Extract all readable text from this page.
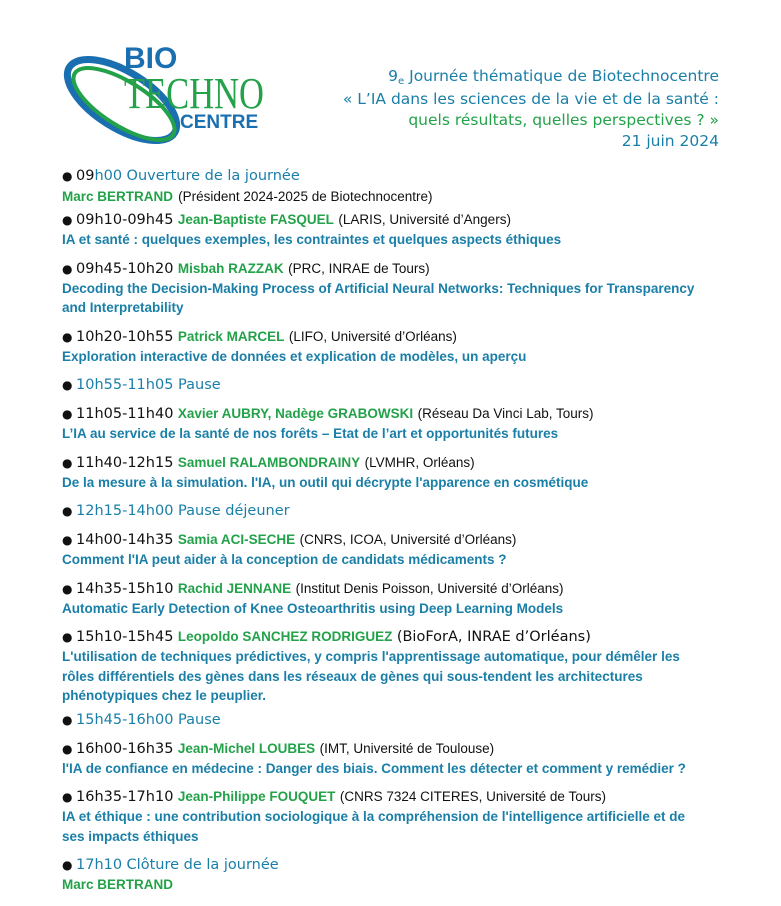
BIO
TECHNO
CENTRE
9e Journée thématique de Biotechnocentre
« L’IA dans les sciences de la vie et de la santé :
quels résultats, quelles perspectives ? »
21 juin 2024
● 09h00 Ouverture de la journée
Marc BERTRAND (Président 2024-2025 de Biotechnocentre)
● 09h10-09h45 Jean-Baptiste FASQUEL (LARIS, Université d’Angers)
IA et santé : quelques exemples, les contraintes et quelques aspects éthiques
● 09h45-10h20 Misbah RAZZAK (PRC, INRAE de Tours)
Decoding the Decision-Making Process of Artificial Neural Networks: Techniques for Transparency
and Interpretability
● 10h20-10h55 Patrick MARCEL (LIFO, Université d’Orléans)
Exploration interactive de données et explication de modèles, un aperçu
● 10h55-11h05 Pause
● 11h05-11h40 Xavier AUBRY, Nadège GRABOWSKI (Réseau Da Vinci Lab, Tours)
L’IA au service de la santé de nos forêts – Etat de l’art et opportunités futures
● 11h40-12h15 Samuel RALAMBONDRAINY (LVMHR, Orléans)
De la mesure à la simulation. l'IA, un outil qui décrypte l'apparence en cosmétique
● 12h15-14h00 Pause déjeuner
● 14h00-14h35 Samia ACI-SECHE (CNRS, ICOA, Université d’Orléans)
Comment l'IA peut aider à la conception de candidats médicaments ?
● 14h35-15h10 Rachid JENNANE (Institut Denis Poisson, Université d’Orléans)
Automatic Early Detection of Knee Osteoarthritis using Deep Learning Models
● 15h10-15h45 Leopoldo SANCHEZ RODRIGUEZ (BioForA, INRAE d’Orléans)
L'utilisation de techniques prédictives, y compris l'apprentissage automatique, pour démêler les
rôles différentiels des gènes dans les réseaux de gènes qui sous-tendent les architectures
phénotypiques chez le peuplier.
● 15h45-16h00 Pause
● 16h00-16h35 Jean-Michel LOUBES (IMT, Université de Toulouse)
l'IA de confiance en médecine : Danger des biais. Comment les détecter et comment y remédier ?
● 16h35-17h10 Jean-Philippe FOUQUET (CNRS 7324 CITERES, Université de Tours)
IA et éthique : une contribution sociologique à la compréhension de l'intelligence artificielle et de
ses impacts éthiques
● 17h10 Clôture de la journée
Marc BERTRAND
